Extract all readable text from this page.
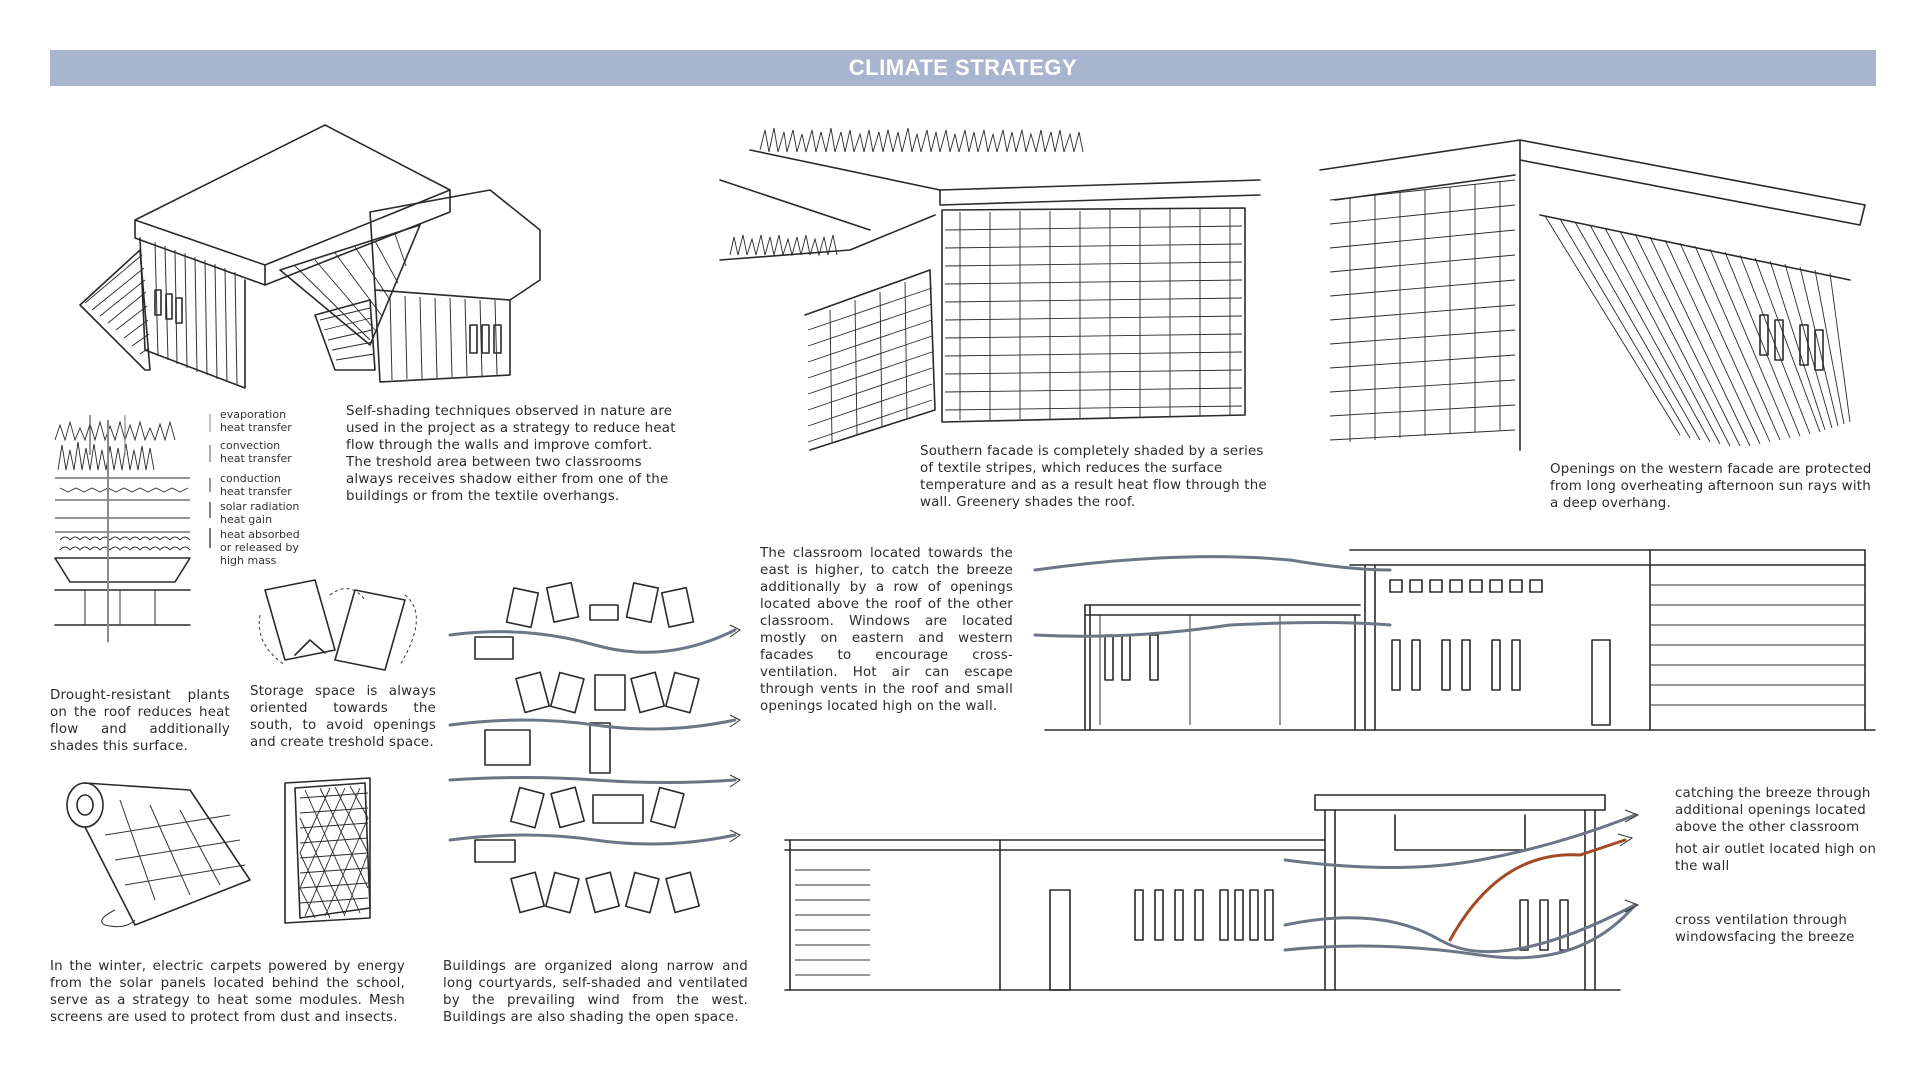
CLIMATE STRATEGY
evaporation
heat transfer
convection
heat transfer
conduction
heat transfer
solar radiation
heat gain
heat absorbed
or released by
high mass
Self-shading techniques observed in nature are used in the project as a strategy to reduce heat flow through the walls and improve comfort. The treshold area between two classrooms always receives shadow either from one of the buildings or from the textile overhangs.
Southern facade is completely shaded by a series of textile stripes, which reduces the surface temperature and as a result heat flow through the wall. Greenery shades the roof.
Openings on the western facade are protected from long overheating afternoon sun rays with a deep overhang.
Drought-resistant plants on the roof reduces heat flow and additionally shades this surface.
Storage space is always oriented towards the south, to avoid openings and create treshold space.
The classroom located towards the east is higher, to catch the breeze additionally by a row of openings located above the roof of the other classroom. Windows are located mostly on eastern and western facades to encourage cross-ventilation. Hot air can escape through vents in the roof and small openings located high on the wall.
In the winter, electric carpets powered by energy from the solar panels located behind the school, serve as a strategy to heat some modules. Mesh screens are used to protect from dust and insects.
Buildings are organized along narrow and long courtyards, self-shaded and ventilated by the prevailing wind from the west. Buildings are also shading the open space.
catching the breeze through additional openings located above the other classroom
hot air outlet located high on the wall
cross ventilation through windowsfacing the breeze
